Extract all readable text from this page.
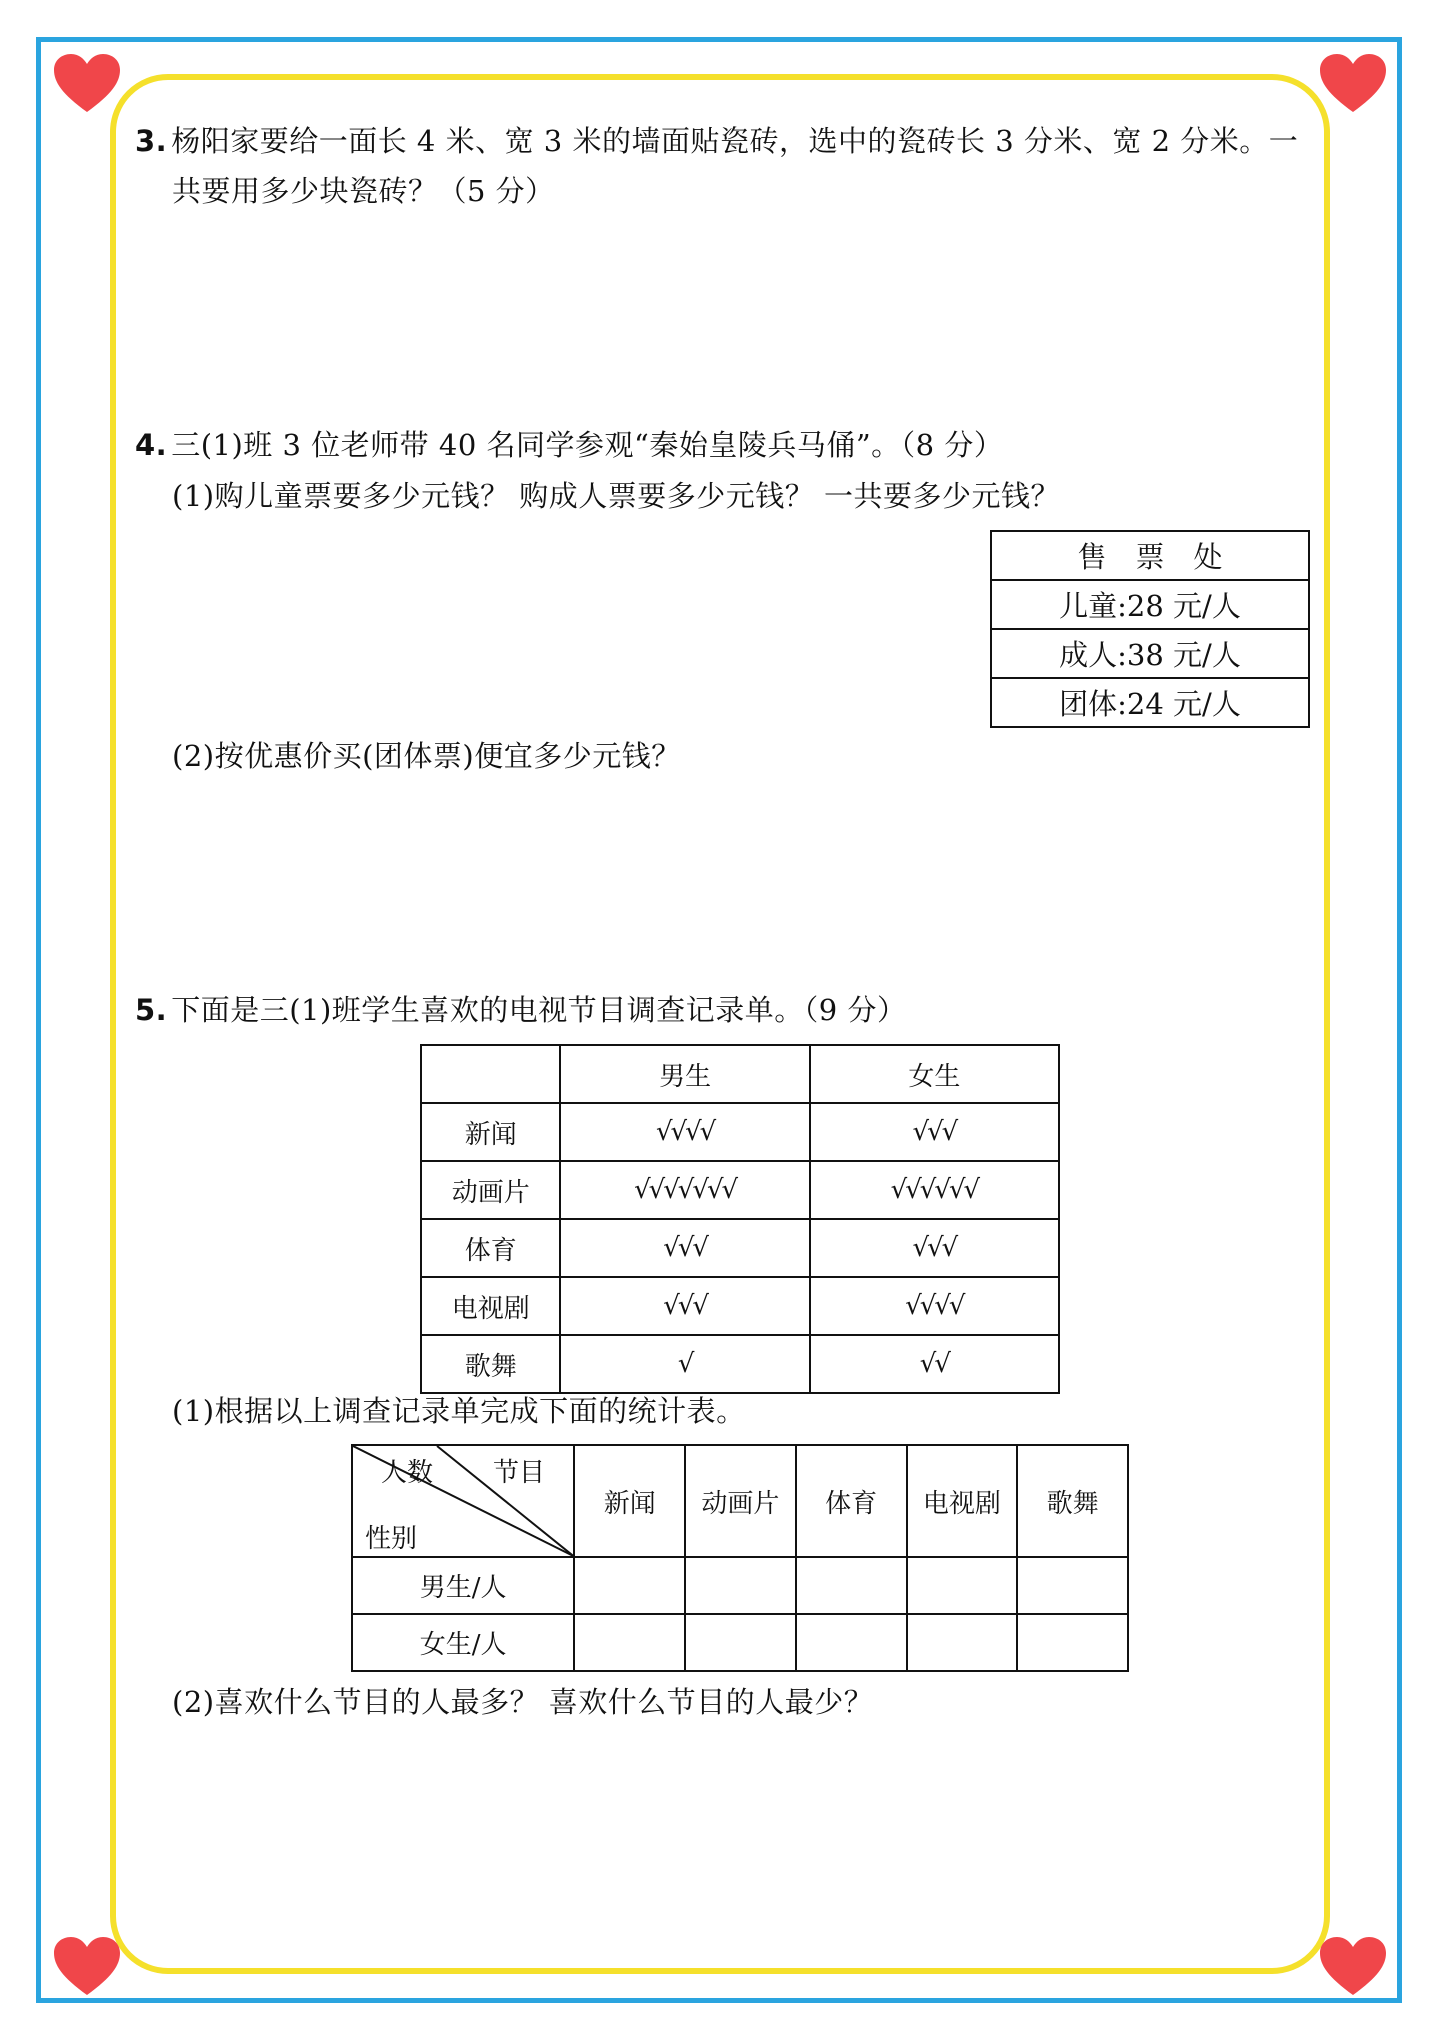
3. 杨阳家要给一面长 4 米、宽 3 米的墙面贴瓷砖，选中的瓷砖长 3 分米、宽 2 分米。一
共要用多少块瓷砖？（5 分）
4. 三(1)班 3 位老师带 40 名同学参观“秦始皇陵兵马俑”。（8 分）
(1)购儿童票要多少元钱？ 购成人票要多少元钱？ 一共要多少元钱？
售　票　处
儿童:28 元/人
成人:38 元/人
团体:24 元/人
(2)按优惠价买(团体票)便宜多少元钱？
5. 下面是三(1)班学生喜欢的电视节目调查记录单。（9 分）
	男生	女生
新闻	√√√√	√√√
动画片	√√√√√√√	√√√√√√
体育	√√√	√√√
电视剧	√√√	√√√√
歌舞	√	√√
(1)根据以上调查记录单完成下面的统计表。
人数 节目
性别	新闻	动画片	体育	电视剧	歌舞
男生/人					
女生/人					
(2)喜欢什么节目的人最多？ 喜欢什么节目的人最少？
